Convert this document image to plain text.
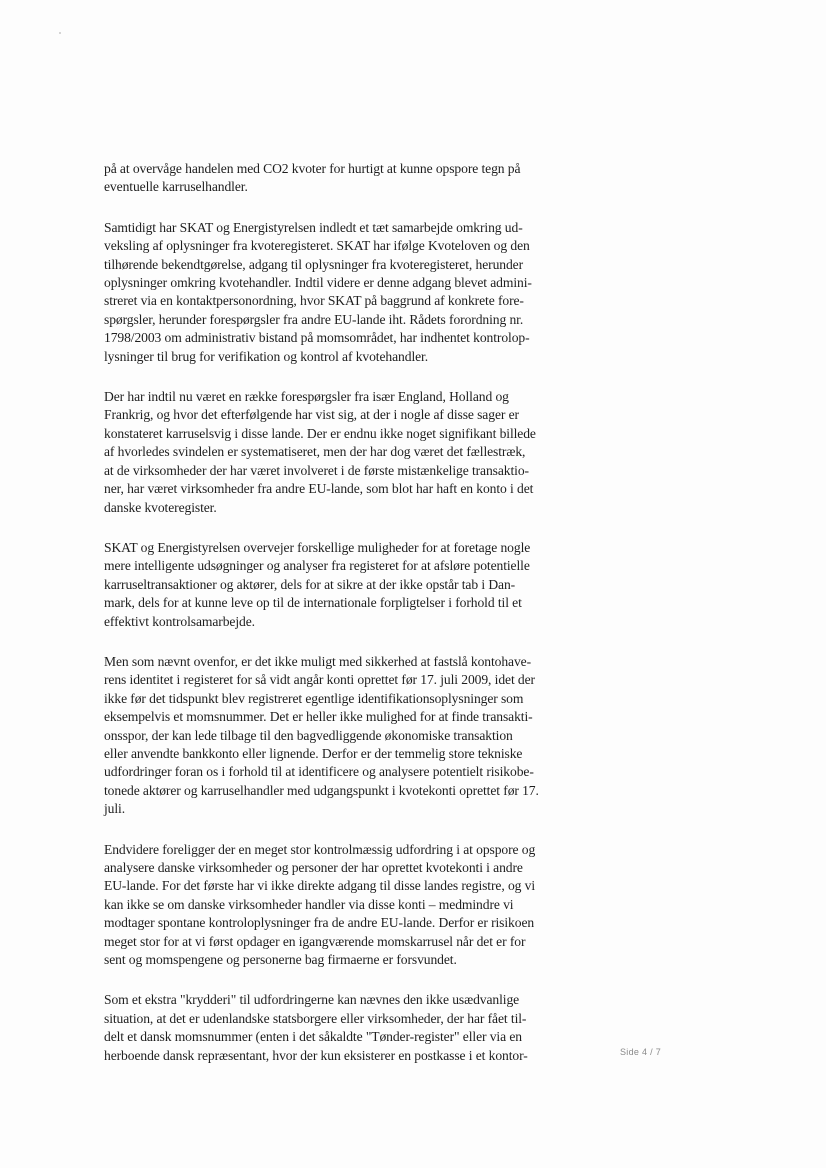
på at overvåge handelen med CO2 kvoter for hurtigt at kunne opspore tegn på
eventuelle karruselhandler.

Samtidigt har SKAT og Energistyrelsen indledt et tæt samarbejde omkring ud-
veksling af oplysninger fra kvoteregisteret. SKAT har ifølge Kvoteloven og den
tilhørende bekendtgørelse, adgang til oplysninger fra kvoteregisteret, herunder
oplysninger omkring kvotehandler. Indtil videre er denne adgang blevet admini-
streret via en kontaktpersonordning, hvor SKAT på baggrund af konkrete fore-
spørgsler, herunder forespørgsler fra andre EU-lande iht. Rådets forordning nr.
1798/2003 om administrativ bistand på momsområdet, har indhentet kontrolop-
lysninger til brug for verifikation og kontrol af kvotehandler.

Der har indtil nu været en række forespørgsler fra især England, Holland og
Frankrig, og hvor det efterfølgende har vist sig, at der i nogle af disse sager er
konstateret karruselsvig i disse lande. Der er endnu ikke noget signifikant billede
af hvorledes svindelen er systematiseret, men der har dog været det fællestræk,
at de virksomheder der har været involveret i de første mistænkelige transaktio-
ner, har været virksomheder fra andre EU-lande, som blot har haft en konto i det
danske kvoteregister.

SKAT og Energistyrelsen overvejer forskellige muligheder for at foretage nogle
mere intelligente udsøgninger og analyser fra registeret for at afsløre potentielle
karruseltransaktioner og aktører, dels for at sikre at der ikke opstår tab i Dan-
mark, dels for at kunne leve op til de internationale forpligtelser i forhold til et
effektivt kontrolsamarbejde.

Men som nævnt ovenfor, er det ikke muligt med sikkerhed at fastslå kontohave-
rens identitet i registeret for så vidt angår konti oprettet før 17. juli 2009, idet der
ikke før det tidspunkt blev registreret egentlige identifikationsoplysninger som
eksempelvis et momsnummer. Det er heller ikke mulighed for at finde transakti-
onsspor, der kan lede tilbage til den bagvedliggende økonomiske transaktion
eller anvendte bankkonto eller lignende. Derfor er der temmelig store tekniske
udfordringer foran os i forhold til at identificere og analysere potentielt risikobe-
tonede aktører og karruselhandler med udgangspunkt i kvotekonti oprettet før 17.
juli.

Endvidere foreligger der en meget stor kontrolmæssig udfordring i at opspore og
analysere danske virksomheder og personer der har oprettet kvotekonti i andre
EU-lande. For det første har vi ikke direkte adgang til disse landes registre, og vi
kan ikke se om danske virksomheder handler via disse konti – medmindre vi
modtager spontane kontroloplysninger fra de andre EU-lande. Derfor er risikoen
meget stor for at vi først opdager en igangværende momskarrusel når det er for
sent og momspengene og personerne bag firmaerne er forsvundet.

Som et ekstra "krydderi" til udfordringerne kan nævnes den ikke usædvanlige
situation, at det er udenlandske statsborgere eller virksomheder, der har fået til-
delt et dansk momsnummer (enten i det såkaldte "Tønder-register" eller via en
herboende dansk repræsentant, hvor der kun eksisterer en postkasse i et kontor-	Side 4 / 7
